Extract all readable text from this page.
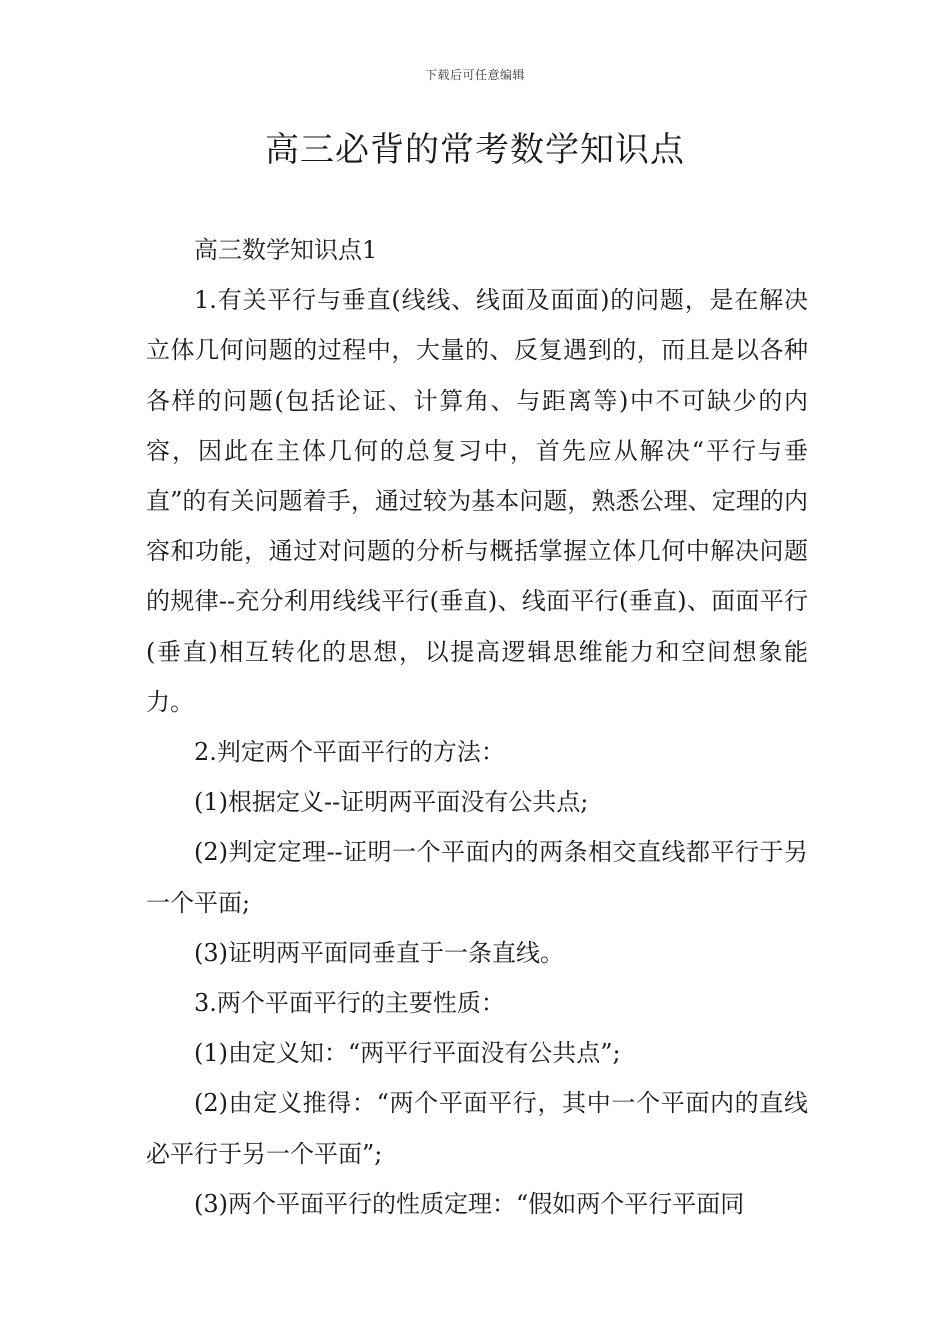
下载后可任意编辑
高三必背的常考数学知识点

高三数学知识点1

1.有关平行与垂直(线线、线面及面面)的问题，是在解决立体几何问题的过程中，大量的、反复遇到的，而且是以各种各样的问题(包括论证、计算角、与距离等)中不可缺少的内容，因此在主体几何的总复习中，首先应从解决“平行与垂直”的有关问题着手，通过较为基本问题，熟悉公理、定理的内容和功能，通过对问题的分析与概括掌握立体几何中解决问题的规律--充分利用线线平行(垂直)、线面平行(垂直)、面面平行(垂直)相互转化的思想，以提高逻辑思维能力和空间想象能力。

2.判定两个平面平行的方法：

(1)根据定义--证明两平面没有公共点;

(2)判定定理--证明一个平面内的两条相交直线都平行于另一个平面;

(3)证明两平面同垂直于一条直线。

3.两个平面平行的主要性质：

(1)由定义知：“两平行平面没有公共点”;

(2)由定义推得：“两个平面平行，其中一个平面内的直线必平行于另一个平面”;

(3)两个平面平行的性质定理：“假如两个平行平面同
